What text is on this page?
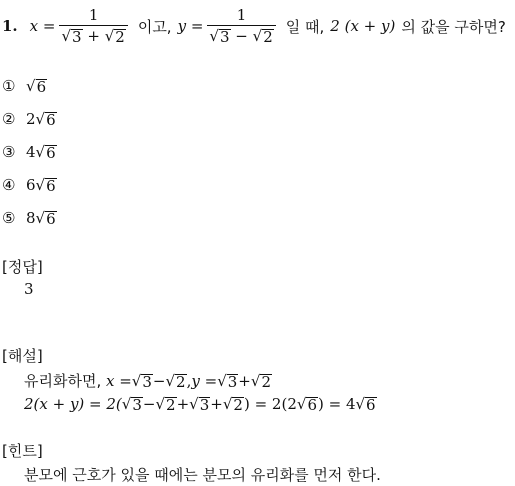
1. $x = \frac{1}{√ 3 + √ 2}$ 이고, $y = \frac{1}{√ 3 - √ 2}$ 일 때, 2 (x + y) 의 값을 구하면?
① √ 6
② 2 √ 6
③ 4 √ 6
④ 6 √ 6
⑤ 8 √ 6
[정답]
3
[해설]
유리화하면,
x = √ 3 − √ 2 , y = √ 3 + √ 2
2(x + y) = 2( √ 3 − √ 2 + √ 3 + √ 2 ) = 2(2 √ 6 ) = 4 √ 6
[힌트]
분모에 근호가 있을 때에는 분모의 유리화를 먼저 한다.
